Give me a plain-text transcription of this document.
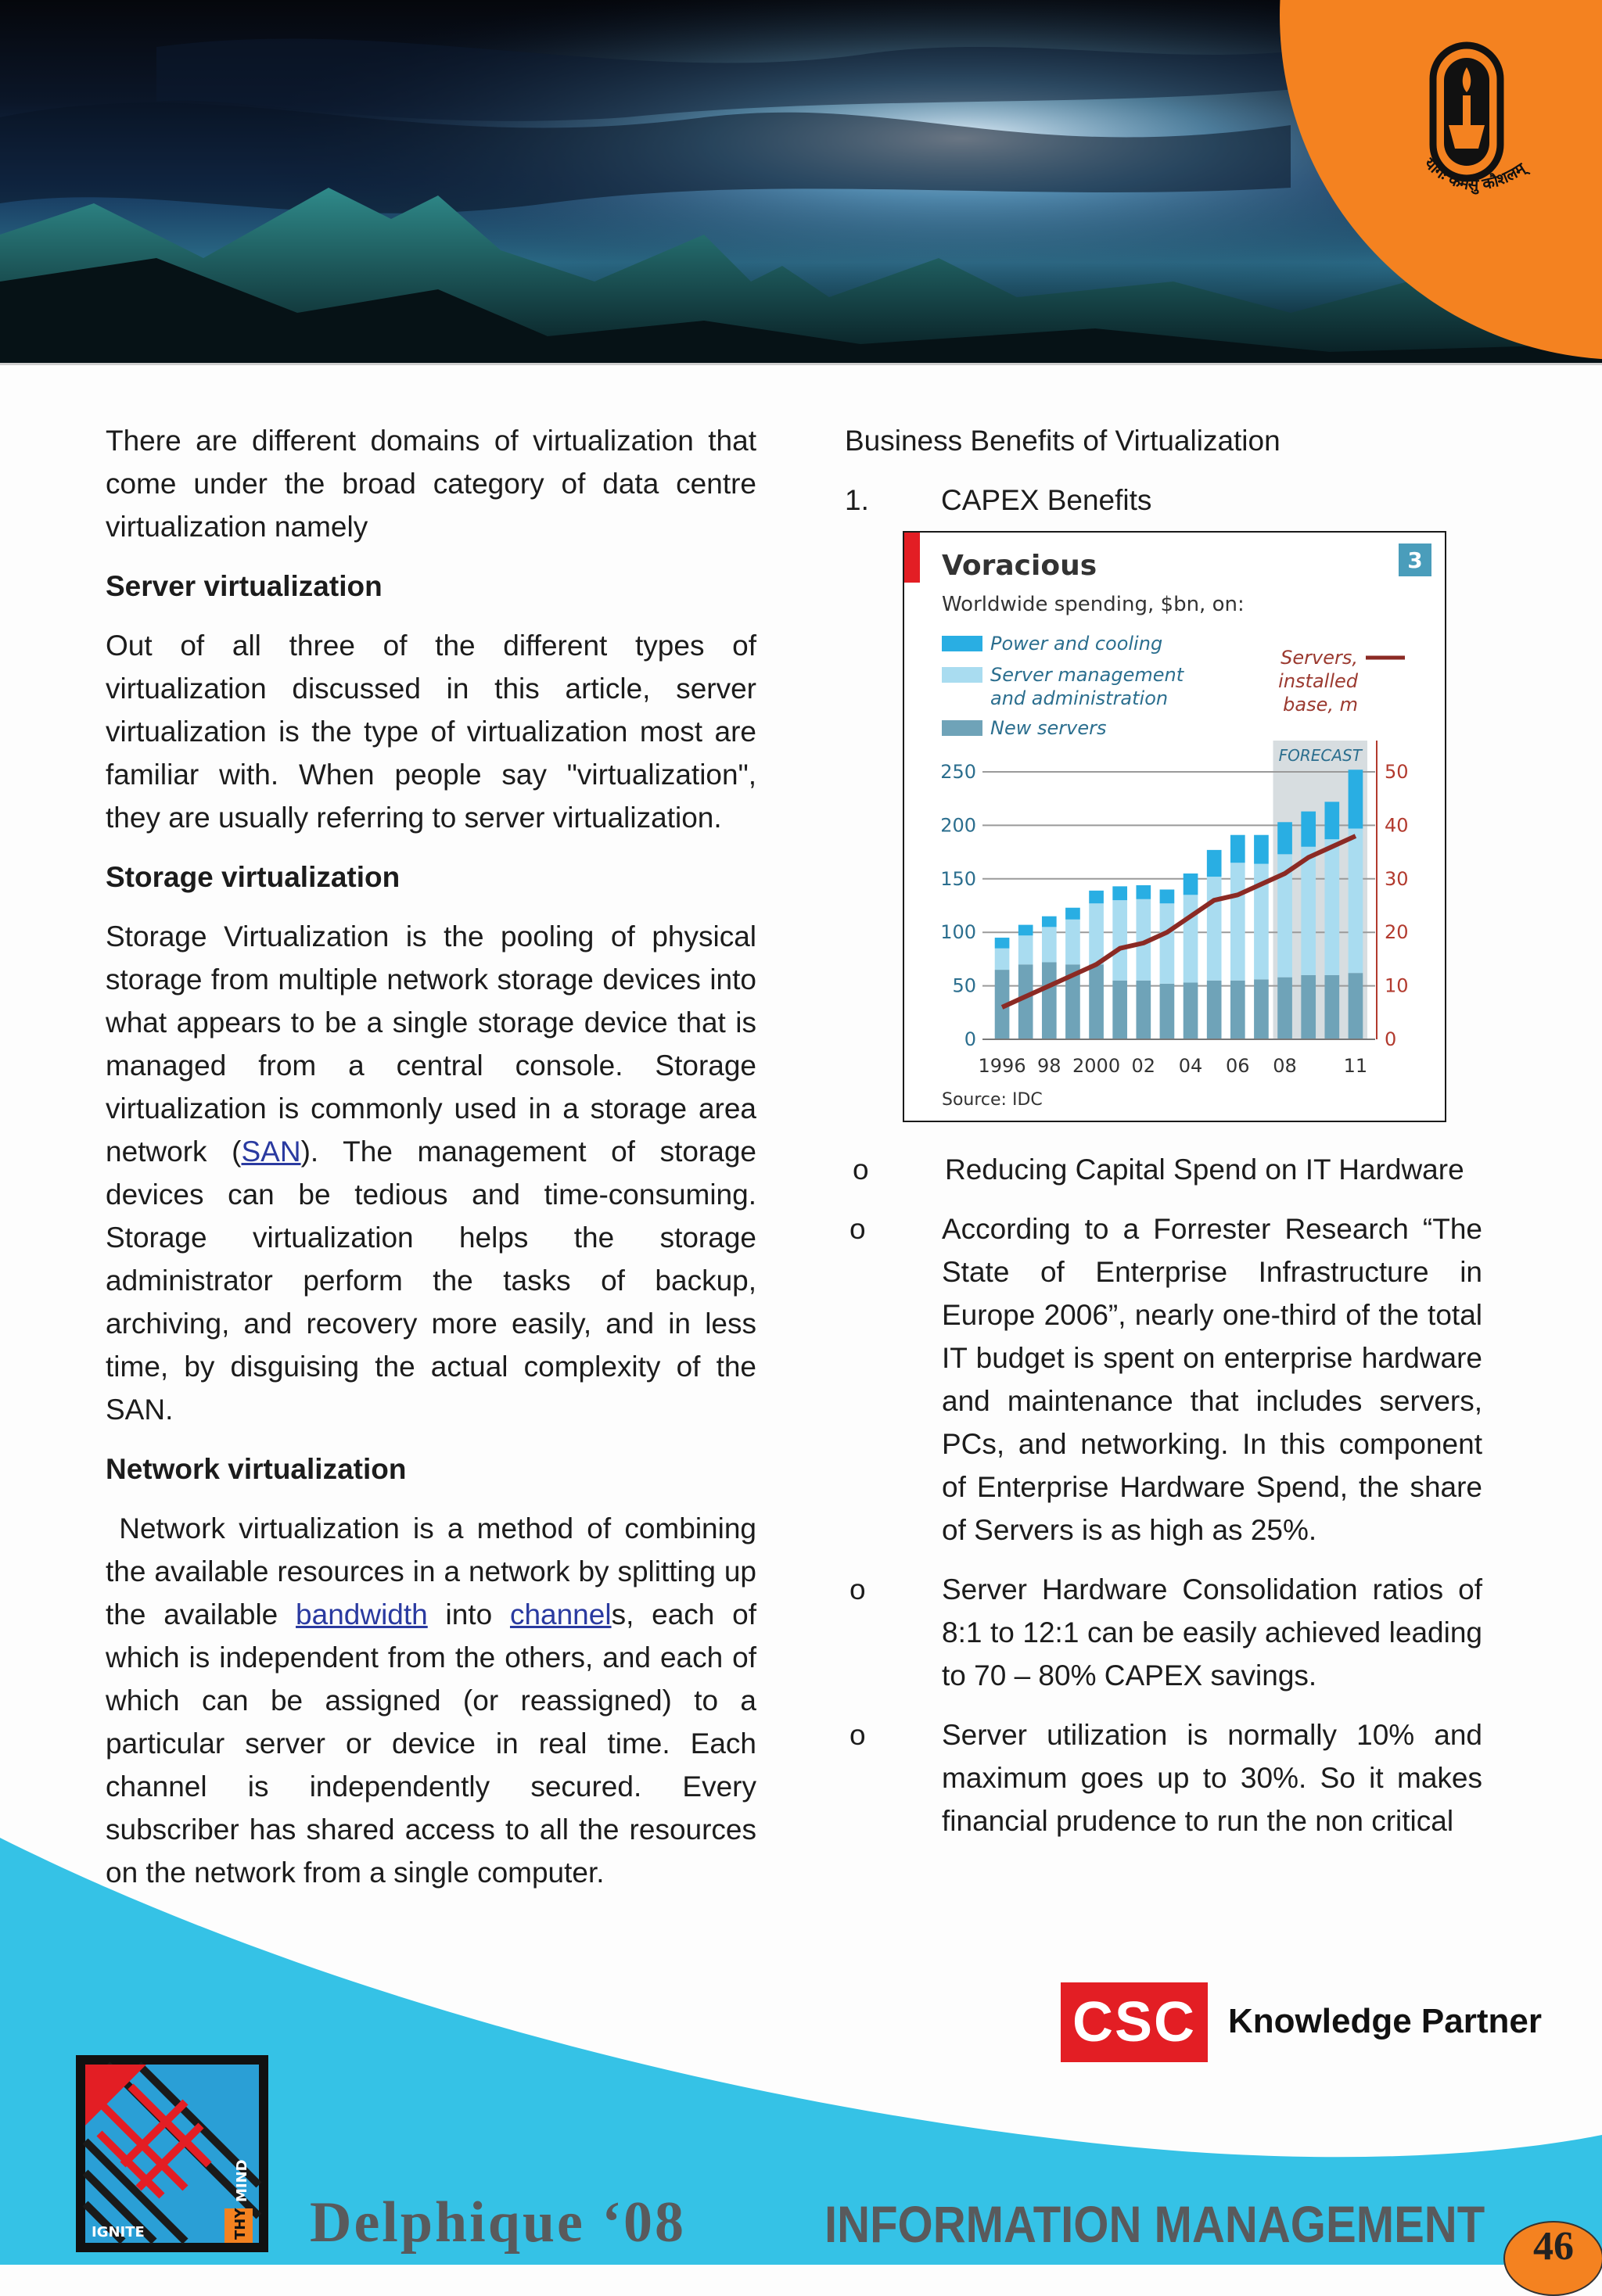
योगः कर्मसु कौशलम्

There are different domains of virtualization that come under the broad category of data centre virtualization namely

Server virtualization

Out of all three of the different types of virtualization discussed in this article, server virtualization is the type of virtualization most are familiar with. When people say "virtualization", they are usually referring to server virtualization.

Storage virtualization

Storage Virtualization is the pooling of physical storage from multiple network storage devices into what appears to be a single storage device that is managed from a central console. Storage virtualization is commonly used in a storage area network (SAN). The management of storage devices can be tedious and time-consuming. Storage virtualization helps the storage administrator perform the tasks of backup, archiving, and recovery more easily, and in less time, by disguising the actual complexity of the SAN.

Network virtualization

Network virtualization is a method of combining the available resources in a network by splitting up the available bandwidth into channels, each of which is independent from the others, and each of which can be assigned (or reassigned) to a particular server or device in real time. Each channel is independently secured. Every subscriber has shared access to all the resources on the network from a single computer.

Business Benefits of Virtualization

1.	CAPEX Benefits
o	Reducing Capital Spend on IT Hardware
o	According to a Forrester Research “The State of Enterprise Infrastructure in Europe 2006”, nearly one-third of the total IT budget is spent on enterprise hardware and maintenance that includes servers, PCs, and networking. In this component of Enterprise Hardware Spend, the share of Servers is as high as 25%.
o	Server Hardware Consolidation ratios of 8:1 to 12:1 can be easily achieved leading to 70 – 80% CAPEX savings.
o	Server utilization is normally 10% and maximum goes up to 30%. So it makes financial prudence to run the non critical
3
Voracious
Worldwide spending, $bn, on:
Power and cooling
Server management
and administration
New servers
Servers,
installed
base, m
FORECAST
0
50
100
150
200
250
0
10
20
30
40
50
1996 98 2000 02 04 06 08 11
Source: IDC
CSC Knowledge Partner
IGNITE	THY
MIND
Delphique ‘08	INFORMATION MANAGEMENT	46
